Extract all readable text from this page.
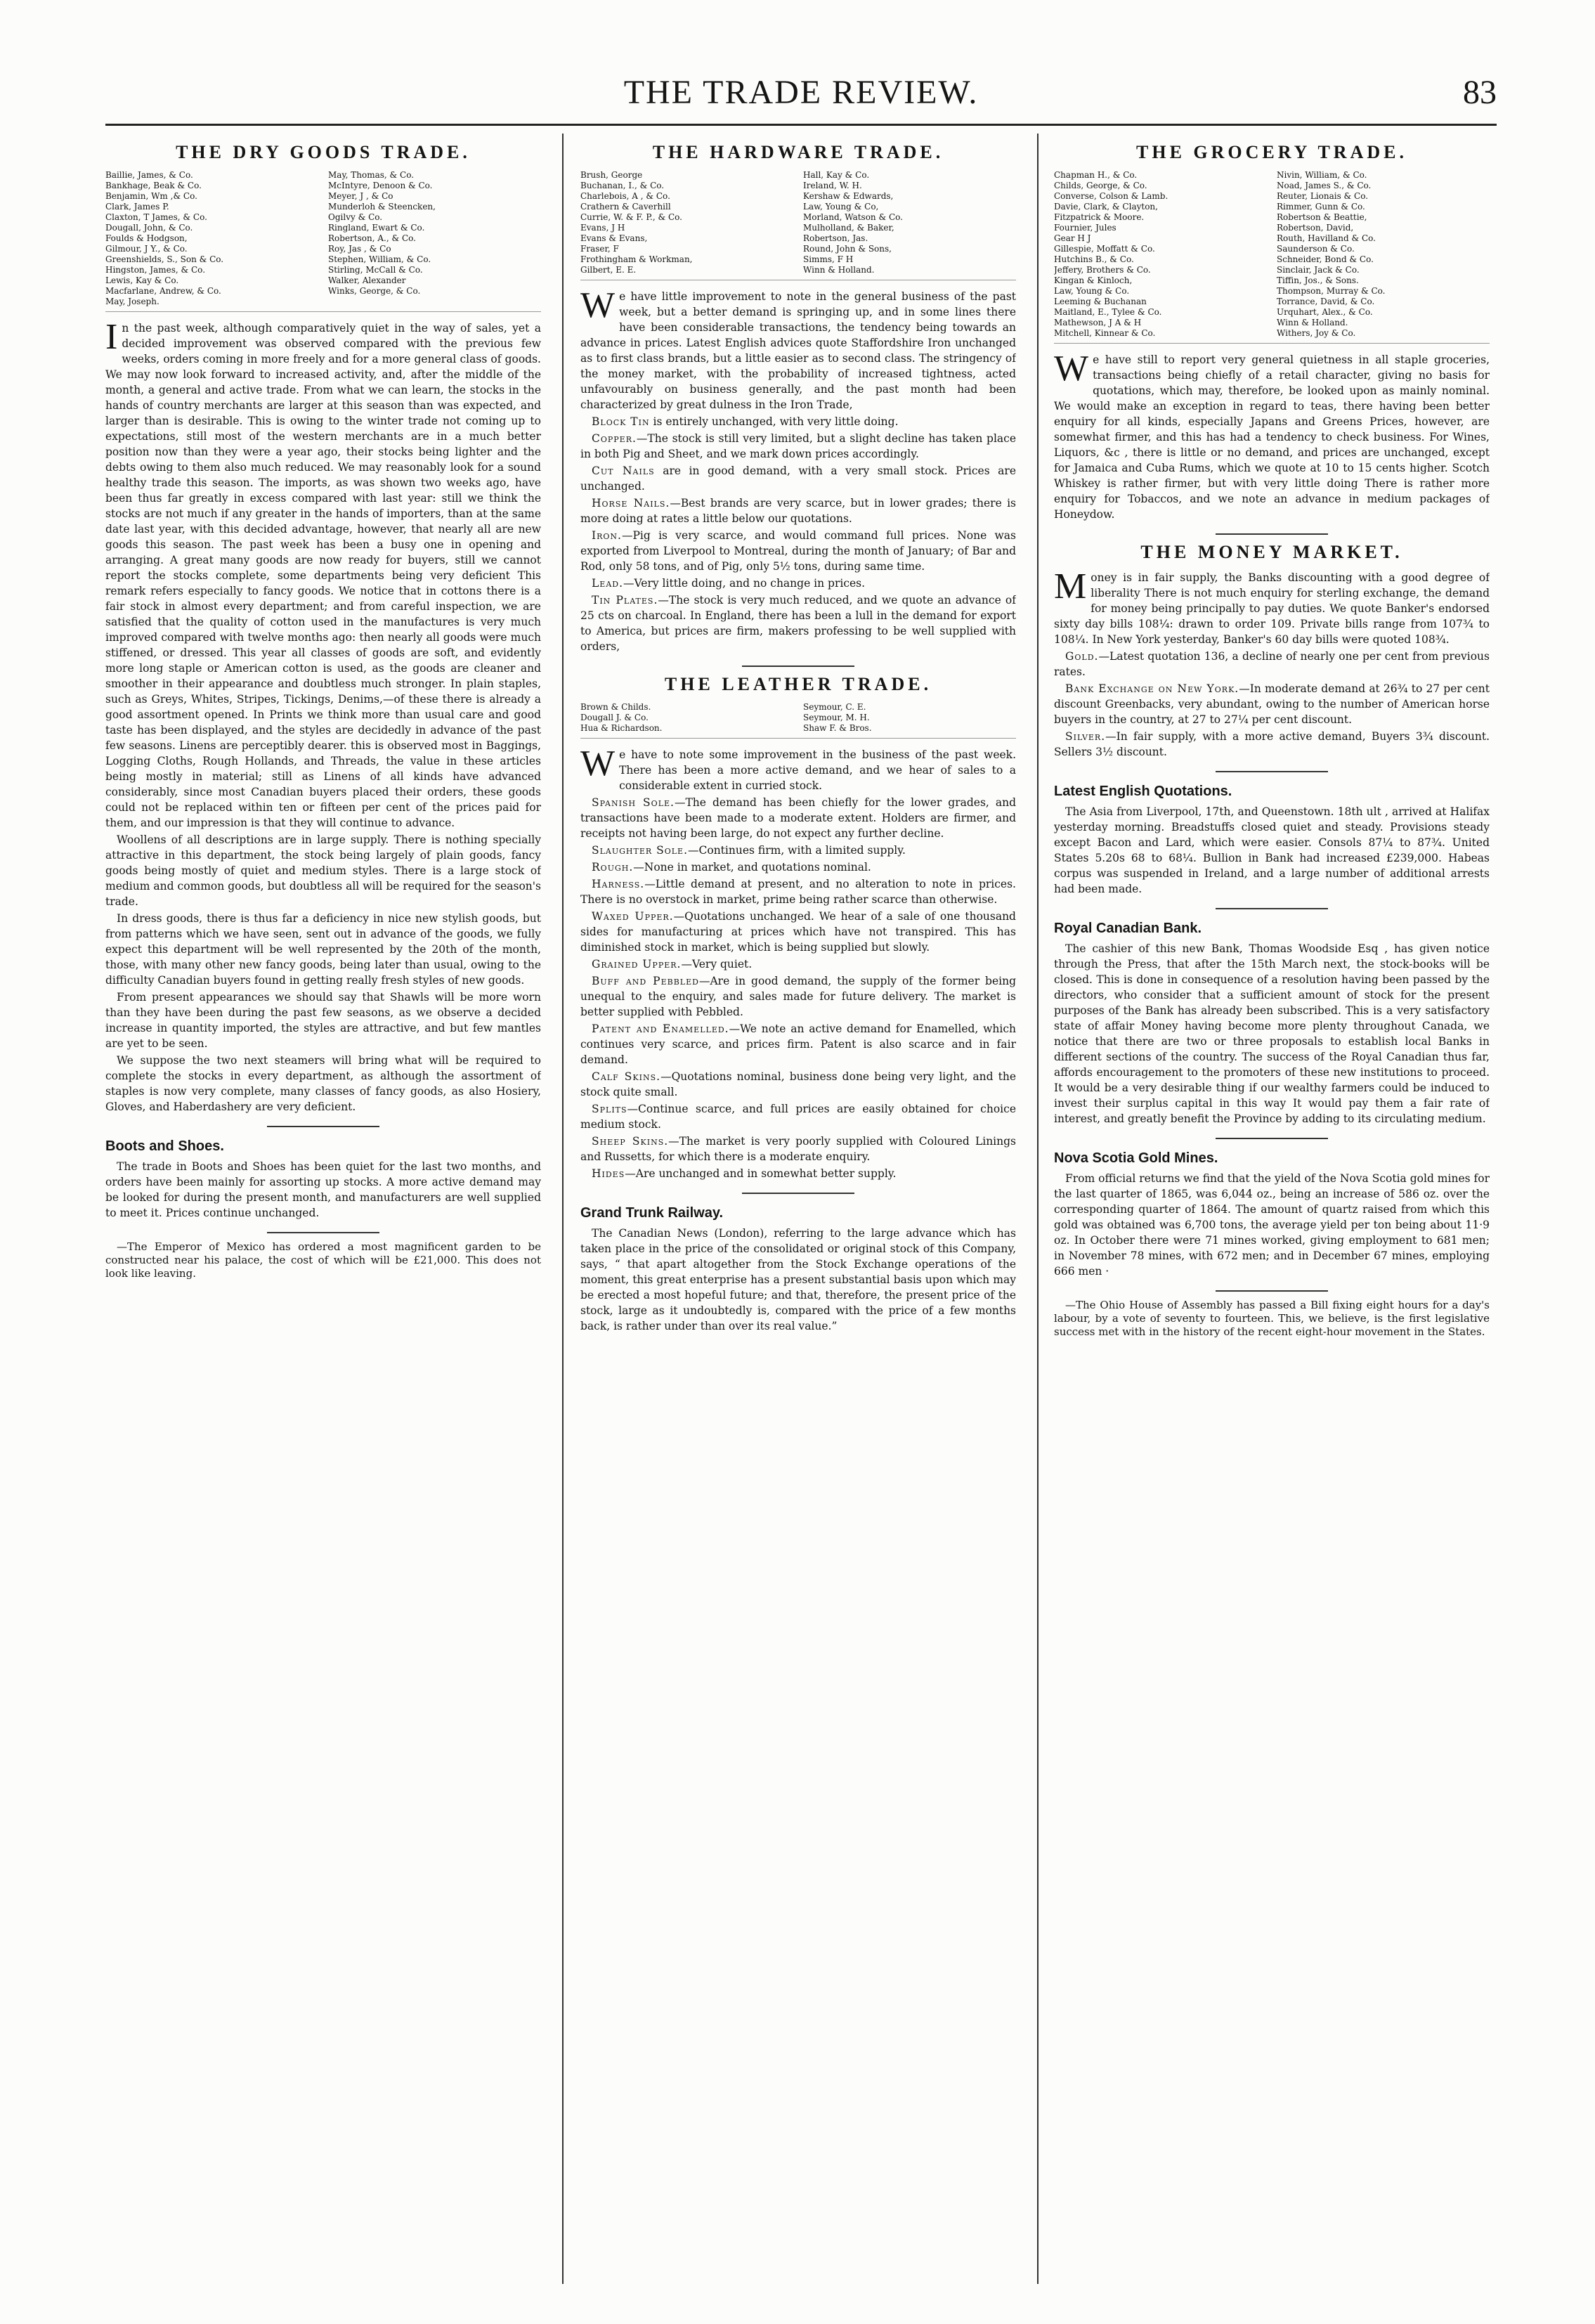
THE TRADE REVIEW.	83
THE DRY GOODS TRADE.
Baillie, James, & Co.
Bankhage, Beak & Co.
Benjamin, Wm ,& Co.
Clark, James P.
Claxton, T James, & Co.
Dougall, John, & Co.
Foulds & Hodgson,
Gilmour, J Y., & Co.
Greenshields, S., Son & Co.
Hingston, James, & Co.
Lewis, Kay & Co.
Macfarlane, Andrew, & Co.
May, Joseph.
May, Thomas, & Co.
McIntyre, Denoon & Co.
Meyer, J , & Co
Munderloh & Steencken,
Ogilvy & Co.
Ringland, Ewart & Co.
Robertson, A., & Co.
Roy, Jas , & Co
Stephen, William, & Co.
Stirling, McCall & Co.
Walker, Alexander
Winks, George, & Co.

In the past week, although comparatively quiet in the way of sales, yet a decided improvement was observed compared with the previous few weeks, orders coming in more freely and for a more general class of goods. We may now look forward to increased activity, and, after the middle of the month, a general and active trade. From what we can learn, the stocks in the hands of country merchants are larger at this season than was expected, and larger than is desirable. This is owing to the winter trade not coming up to expectations, still most of the western merchants are in a much better position now than they were a year ago, their stocks being lighter and the debts owing to them also much reduced. We may reasonably look for a sound healthy trade this season. The imports, as was shown two weeks ago, have been thus far greatly in excess compared with last year: still we think the stocks are not much if any greater in the hands of importers, than at the same date last year, with this decided advantage, however, that nearly all are new goods this season. The past week has been a busy one in opening and arranging. A great many goods are now ready for buyers, still we cannot report the stocks complete, some departments being very deficient This remark refers especially to fancy goods. We notice that in cottons there is a fair stock in almost every department; and from careful inspection, we are satisfied that the quality of cotton used in the manufactures is very much improved compared with twelve months ago: then nearly all goods were much stiffened, or dressed. This year all classes of goods are soft, and evidently more long staple or American cotton is used, as the goods are cleaner and smoother in their appearance and doubtless much stronger. In plain staples, such as Greys, Whites, Stripes, Tickings, Denims,—of these there is already a good assortment opened. In Prints we think more than usual care and good taste has been displayed, and the styles are decidedly in advance of the past few seasons. Linens are perceptibly dearer. this is observed most in Baggings, Logging Cloths, Rough Hollands, and Threads, the value in these articles being mostly in material; still as Linens of all kinds have advanced considerably, since most Canadian buyers placed their orders, these goods could not be replaced within ten or fifteen per cent of the prices paid for them, and our impression is that they will continue to advance.

Woollens of all descriptions are in large supply. There is nothing specially attractive in this department, the stock being largely of plain goods, fancy goods being mostly of quiet and medium styles. There is a large stock of medium and common goods, but doubtless all will be required for the season's trade.

In dress goods, there is thus far a deficiency in nice new stylish goods, but from patterns which we have seen, sent out in advance of the goods, we fully expect this department will be well represented by the 20th of the month, those, with many other new fancy goods, being later than usual, owing to the difficulty Canadian buyers found in getting really fresh styles of new goods.

From present appearances we should say that Shawls will be more worn than they have been during the past few seasons, as we observe a decided increase in quantity imported, the styles are attractive, and but few mantles are yet to be seen.

We suppose the two next steamers will bring what will be required to complete the stocks in every department, as although the assortment of staples is now very complete, many classes of fancy goods, as also Hosiery, Gloves, and Haberdashery are very deficient.

Boots and Shoes.

The trade in Boots and Shoes has been quiet for the last two months, and orders have been mainly for assorting up stocks. A more active demand may be looked for during the present month, and manufacturers are well supplied to meet it. Prices continue unchanged.

—The Emperor of Mexico has ordered a most magnificent garden to be constructed near his palace, the cost of which will be £21,000. This does not look like leaving.

THE HARDWARE TRADE.
Brush, George
Buchanan, I., & Co.
Charlebois, A , & Co.
Crathern & Caverhill
Currie, W. & F. P., & Co.
Evans, J H
Evans & Evans,
Fraser, F
Frothingham & Workman,
Gilbert, E. E.
Hall, Kay & Co.
Ireland, W. H.
Kershaw & Edwards,
Law, Young & Co,
Morland, Watson & Co.
Mulholland, & Baker,
Robertson, Jas.
Round, John & Sons,
Simms, F H
Winn & Holland.

We have little improvement to note in the general business of the past week, but a better demand is springing up, and in some lines there have been considerable transactions, the tendency being towards an advance in prices. Latest English advices quote Staffordshire Iron unchanged as to first class brands, but a little easier as to second class. The stringency of the money market, with the probability of increased tightness, acted unfavourably on business generally, and the past month had been characterized by great dulness in the Iron Trade,

Block Tin is entirely unchanged, with very little doing.

Copper.—The stock is still very limited, but a slight decline has taken place in both Pig and Sheet, and we mark down prices accordingly.

Cut Nails are in good demand, with a very small stock. Prices are unchanged.

Horse Nails.—Best brands are very scarce, but in lower grades; there is more doing at rates a little below our quotations.

Iron.—Pig is very scarce, and would command full prices. None was exported from Liverpool to Montreal, during the month of January; of Bar and Rod, only 58 tons, and of Pig, only 5½ tons, during same time.

Lead.—Very little doing, and no change in prices.

Tin Plates.—The stock is very much reduced, and we quote an advance of 25 cts on charcoal. In England, there has been a lull in the demand for export to America, but prices are firm, makers professing to be well supplied with orders,

THE LEATHER TRADE.
Brown & Childs.
Dougall J. & Co.
Hua & Richardson.
Seymour, C. E.
Seymour, M. H.
Shaw F. & Bros.

We have to note some improvement in the business of the past week. There has been a more active demand, and we hear of sales to a considerable extent in curried stock.

Spanish Sole.—The demand has been chiefly for the lower grades, and transactions have been made to a moderate extent. Holders are firmer, and receipts not having been large, do not expect any further decline.

Slaughter Sole.—Continues firm, with a limited supply.

Rough.—None in market, and quotations nominal.

Harness.—Little demand at present, and no alteration to note in prices. There is no overstock in market, prime being rather scarce than otherwise.

Waxed Upper.—Quotations unchanged. We hear of a sale of one thousand sides for manufacturing at prices which have not transpired. This has diminished stock in market, which is being supplied but slowly.

Grained Upper.—Very quiet.

Buff and Pebbled—Are in good demand, the supply of the former being unequal to the enquiry, and sales made for future delivery. The market is better supplied with Pebbled.

Patent and Enamelled.—We note an active demand for Enamelled, which continues very scarce, and prices firm. Patent is also scarce and in fair demand.

Calf Skins.—Quotations nominal, business done being very light, and the stock quite small.

Splits—Continue scarce, and full prices are easily obtained for choice medium stock.

Sheep Skins.—The market is very poorly supplied with Coloured Linings and Russetts, for which there is a moderate enquiry.

Hides—Are unchanged and in somewhat better supply.

Grand Trunk Railway.

The Canadian News (London), referring to the large advance which has taken place in the price of the consolidated or original stock of this Company, says, “ that apart altogether from the Stock Exchange operations of the moment, this great enterprise has a present substantial basis upon which may be erected a most hopeful future; and that, therefore, the present price of the stock, large as it undoubtedly is, compared with the price of a few months back, is rather under than over its real value.”

THE GROCERY TRADE.
Chapman H., & Co.
Childs, George, & Co.
Converse, Colson & Lamb.
Davie, Clark, & Clayton,
Fitzpatrick & Moore.
Fournier, Jules
Gear H J
Gillespie, Moffatt & Co.
Hutchins B., & Co.
Jeffery, Brothers & Co.
Kingan & Kinloch,
Law, Young & Co.
Leeming & Buchanan
Maitland, E., Tylee & Co.
Mathewson, J A & H
Mitchell, Kinnear & Co.
Nivin, William, & Co.
Noad, James S., & Co.
Reuter, Lionais & Co.
Rimmer, Gunn & Co.
Robertson & Beattie,
Robertson, David,
Routh, Havilland & Co.
Saunderson & Co.
Schneider, Bond & Co.
Sinclair, Jack & Co.
Tiffin, Jos., & Sons.
Thompson, Murray & Co.
Torrance, David, & Co.
Urquhart, Alex., & Co.
Winn & Holland.
Withers, Joy & Co.

We have still to report very general quietness in all staple groceries, transactions being chiefly of a retail character, giving no basis for quotations, which may, therefore, be looked upon as mainly nominal. We would make an exception in regard to teas, there having been better enquiry for all kinds, especially Japans and Greens Prices, however, are somewhat firmer, and this has had a tendency to check business. For Wines, Liquors, &c , there is little or no demand, and prices are unchanged, except for Jamaica and Cuba Rums, which we quote at 10 to 15 cents higher. Scotch Whiskey is rather firmer, but with very little doing There is rather more enquiry for Tobaccos, and we note an advance in medium packages of Honeydow.

THE MONEY MARKET.

Money is in fair supply, the Banks discounting with a good degree of liberality There is not much enquiry for sterling exchange, the demand for money being principally to pay duties. We quote Banker's endorsed sixty day bills 108¼: drawn to order 109. Private bills range from 107¾ to 108¼. In New York yesterday, Banker's 60 day bills were quoted 108¾.

Gold.—Latest quotation 136, a decline of nearly one per cent from previous rates.

Bank Exchange on New York.—In moderate demand at 26¾ to 27 per cent discount Greenbacks, very abundant, owing to the number of American horse buyers in the country, at 27 to 27¼ per cent discount.

Silver.—In fair supply, with a more active demand, Buyers 3¾ discount. Sellers 3½ discount.

Latest English Quotations.

The Asia from Liverpool, 17th, and Queenstown. 18th ult , arrived at Halifax yesterday morning. Breadstuffs closed quiet and steady. Provisions steady except Bacon and Lard, which were easier. Consols 87¼ to 87¾. United States 5.20s 68 to 68¼. Bullion in Bank had increased £239,000. Habeas corpus was suspended in Ireland, and a large number of additional arrests had been made.

Royal Canadian Bank.

The cashier of this new Bank, Thomas Woodside Esq , has given notice through the Press, that after the 15th March next, the stock-books will be closed. This is done in consequence of a resolution having been passed by the directors, who consider that a sufficient amount of stock for the present purposes of the Bank has already been subscribed. This is a very satisfactory state of affair Money having become more plenty throughout Canada, we notice that there are two or three proposals to establish local Banks in different sections of the country. The success of the Royal Canadian thus far, affords encouragement to the promoters of these new institutions to proceed. It would be a very desirable thing if our wealthy farmers could be induced to invest their surplus capital in this way It would pay them a fair rate of interest, and greatly benefit the Province by adding to its circulating medium.

Nova Scotia Gold Mines.

From official returns we find that the yield of the Nova Scotia gold mines for the last quarter of 1865, was 6,044 oz., being an increase of 586 oz. over the corresponding quarter of 1864. The amount of quartz raised from which this gold was obtained was 6,700 tons, the average yield per ton being about 11·9 oz. In October there were 71 mines worked, giving employment to 681 men; in November 78 mines, with 672 men; and in December 67 mines, employing 666 men ·

—The Ohio House of Assembly has passed a Bill fixing eight hours for a day's labour, by a vote of seventy to fourteen. This, we believe, is the first legislative success met with in the history of the recent eight-hour movement in the States.
